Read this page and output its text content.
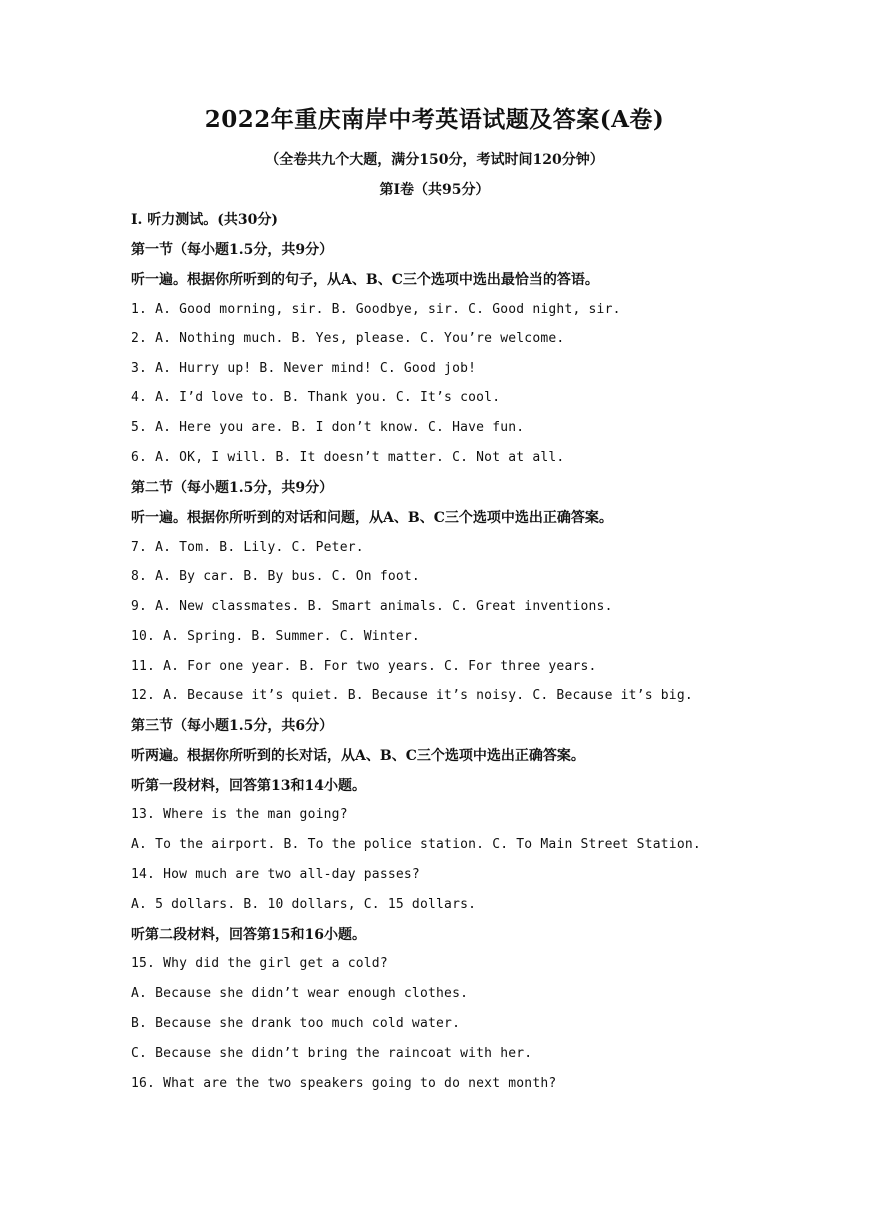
2022年重庆南岸中考英语试题及答案(A卷)
（全卷共九个大题，满分150分，考试时间120分钟）
第Ⅰ卷（共95分）
Ⅰ. 听力测试。(共30分)
第一节（每小题1.5分，共9分）
听一遍。根据你所听到的句子，从A、B、C三个选项中选出最恰当的答语。
1. A. Good morning, sir. B. Goodbye, sir. C. Good night, sir.
2. A. Nothing much. B. Yes, please. C. You’re welcome.
3. A. Hurry up! B. Never mind! C. Good job!
4. A. I’d love to. B. Thank you. C. It’s cool.
5. A. Here you are. B. I don’t know. C. Have fun.
6. A. OK, I will. B. It doesn’t matter. C. Not at all.
第二节（每小题1.5分，共9分）
听一遍。根据你所听到的对话和问题，从A、B、C三个选项中选出正确答案。
7. A. Tom. B. Lily. C. Peter.
8. A. By car. B. By bus. C. On foot.
9. A. New classmates. B. Smart animals. C. Great inventions.
10. A. Spring. B. Summer. C. Winter.
11. A. For one year. B. For two years. C. For three years.
12. A. Because it’s quiet. B. Because it’s noisy. C. Because it’s big.
第三节（每小题1.5分，共6分）
听两遍。根据你所听到的长对话，从A、B、C三个选项中选出正确答案。
听第一段材料，回答第13和14小题。
13. Where is the man going?
A. To the airport. B. To the police station. C. To Main Street Station.
14. How much are two all-day passes?
A. 5 dollars. B. 10 dollars, C. 15 dollars.
听第二段材料，回答第15和16小题。
15. Why did the girl get a cold?
A. Because she didn’t wear enough clothes.
B. Because she drank too much cold water.
C. Because she didn’t bring the raincoat with her.
16. What are the two speakers going to do next month?
